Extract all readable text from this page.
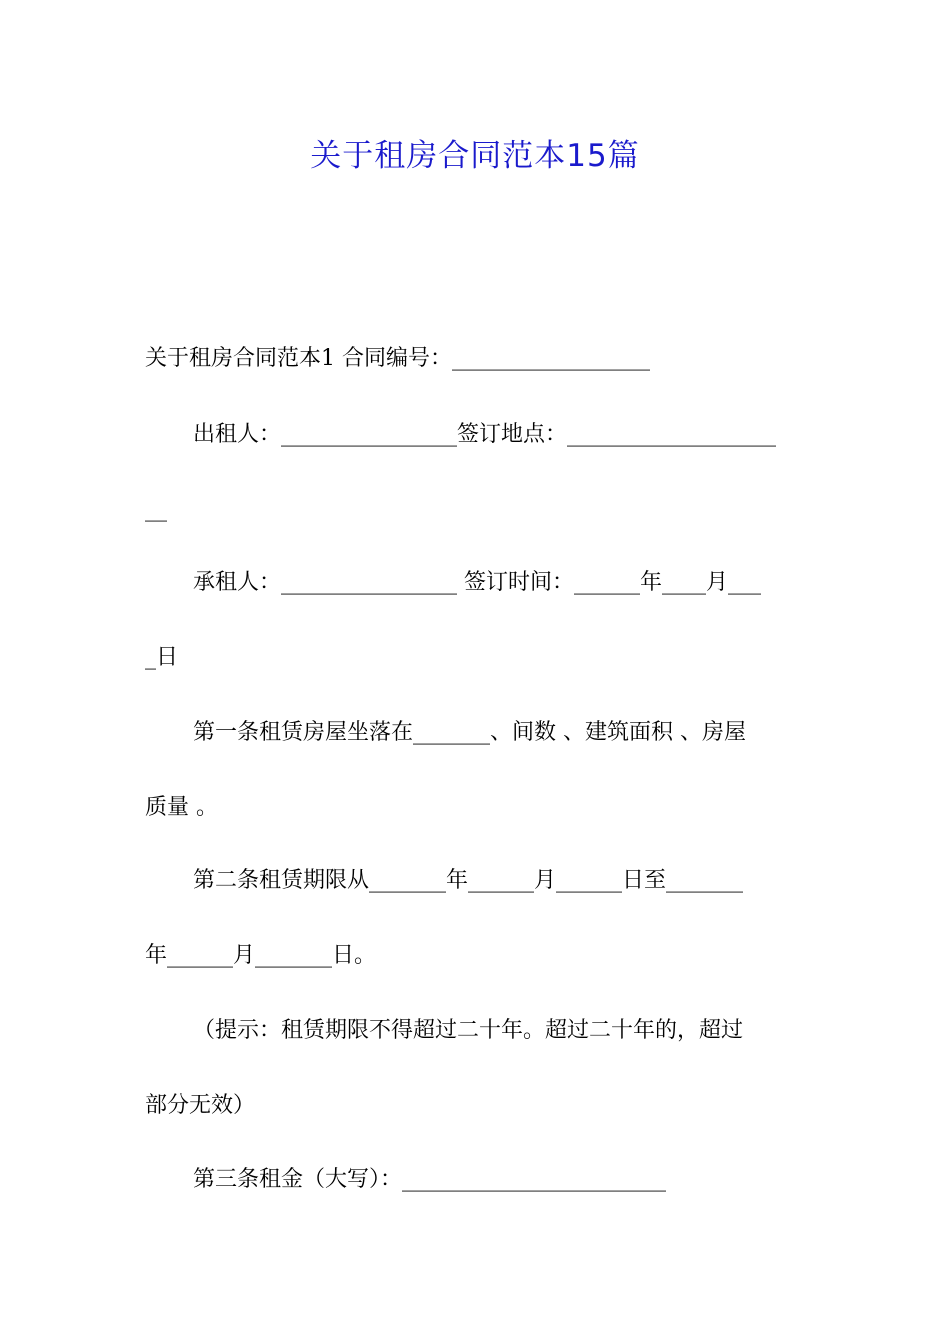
关于租房合同范本15篇
关于租房合同范本1 合同编号：__________________
出租人：________________签订地点：___________________
__
承租人：________________ 签订时间：______年____月___
_日
第一条租赁房屋坐落在_______、间数 、建筑面积 、房屋
质量 。
第二条租赁期限从_______年______月______日至_______
年______月_______日。
（提示：租赁期限不得超过二十年。超过二十年的，超过
部分无效）
第三条租金（大写）：________________________
